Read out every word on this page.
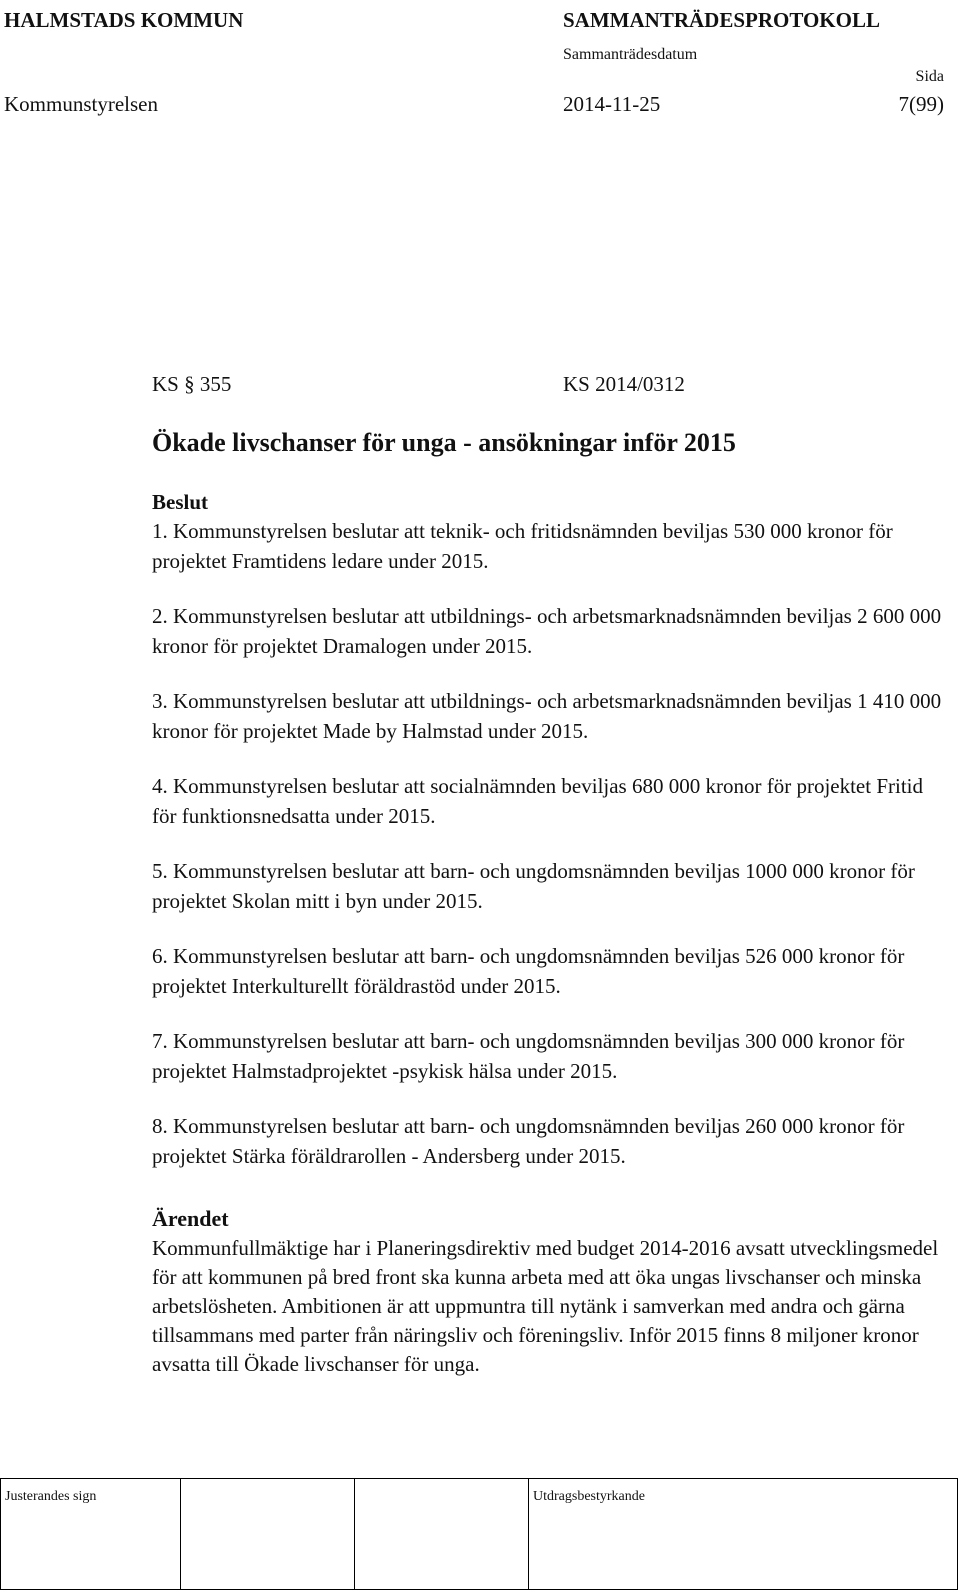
HALMSTADS KOMMUN	SAMMANTRÄDESPROTOKOLL
Sammanträdesdatum
Sida
Kommunstyrelsen	2014-11-25	7(99)
KS § 355	KS 2014/0312
Ökade livschanser för unga - ansökningar inför 2015
Beslut
1. Kommunstyrelsen beslutar att teknik- och fritidsnämnden beviljas 530 000 kronor för projektet Framtidens ledare under 2015.
2. Kommunstyrelsen beslutar att utbildnings- och arbetsmarknadsnämnden beviljas 2 600 000 kronor för projektet Dramalogen under 2015.
3. Kommunstyrelsen beslutar att utbildnings- och arbetsmarknadsnämnden beviljas 1 410 000 kronor för projektet Made by Halmstad under 2015.
4. Kommunstyrelsen beslutar att socialnämnden beviljas 680 000 kronor för projektet Fritid för funktionsnedsatta under 2015.
5. Kommunstyrelsen beslutar att barn- och ungdomsnämnden beviljas 1000 000 kronor för projektet Skolan mitt i byn under 2015.
6. Kommunstyrelsen beslutar att barn- och ungdomsnämnden beviljas 526 000 kronor för projektet Interkulturellt föräldrastöd under 2015.
7. Kommunstyrelsen beslutar att barn- och ungdomsnämnden beviljas 300 000 kronor för projektet Halmstadprojektet -psykisk hälsa under 2015.
8. Kommunstyrelsen beslutar att barn- och ungdomsnämnden beviljas 260 000 kronor för projektet Stärka föräldrarollen - Andersberg under 2015.
Ärendet
Kommunfullmäktige har i Planeringsdirektiv med budget 2014-2016 avsatt utvecklingsmedel för att kommunen på bred front ska kunna arbeta med att öka ungas livschanser och minska arbetslösheten. Ambitionen är att uppmuntra till nytänk i samverkan med andra och gärna tillsammans med parter från näringsliv och föreningsliv. Inför 2015 finns 8 miljoner kronor avsatta till Ökade livschanser för unga.
Justerandes sign	Utdragsbestyrkande
